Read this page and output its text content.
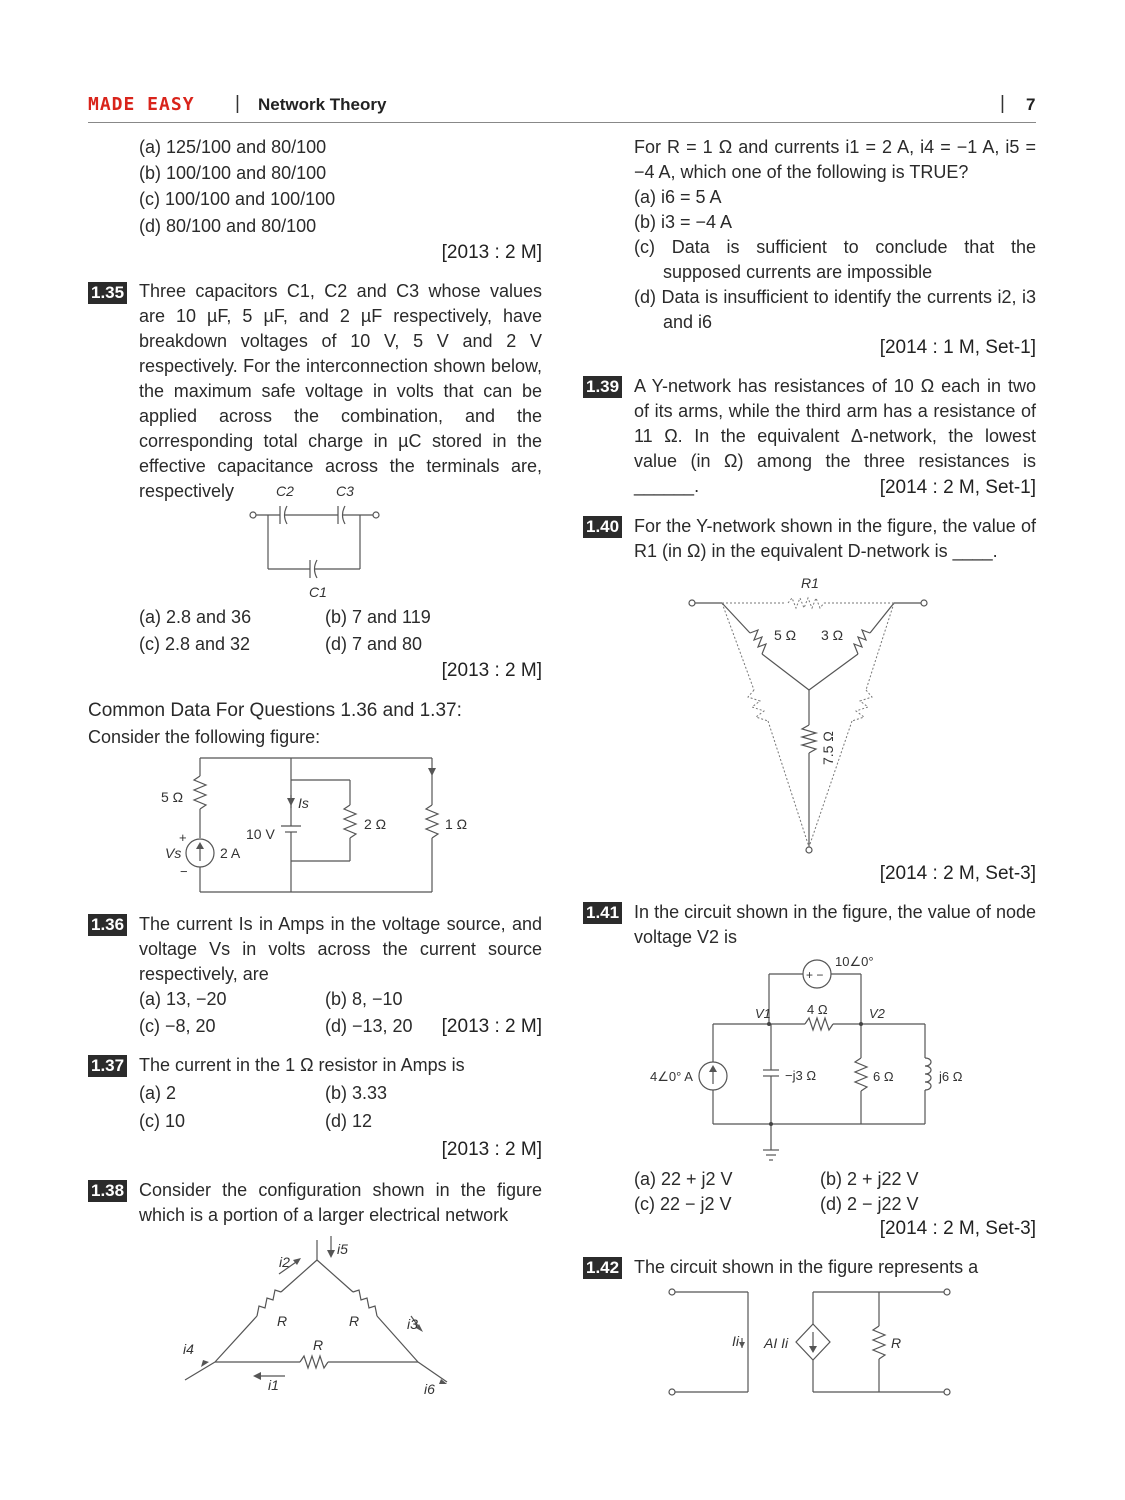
MADE EASY | Network Theory	| 7
(a) 125/100 and 80/100
(b) 100/100 and 80/100
(c) 100/100 and 100/100
(d) 80/100 and 80/100
[2013 : 2 M]
1.35 Three capacitors C1, C2 and C3 whose values are 10 µF, 5 µF, and 2 µF respectively, have breakdown voltages of 10 V, 5 V and 2 V respectively. For the interconnection shown below, the maximum safe voltage in volts that can be applied across the combination, and the corresponding total charge in µC stored in the effective capacitance across the terminals are, respectively	C2	C3
C1
(a) 2.8 and 36	(b) 7 and 119
(c) 2.8 and 32	(d) 7 and 80
[2013 : 2 M]
Common Data For Questions 1.36 and 1.37:
Consider the following figure:
5 Ω
10 V
Is
2 Ω	1 Ω
+
Vs	2 A
−
1.36 The current Is in Amps in the voltage source, and voltage Vs in volts across the current source respectively, are
(a) 13, −20	(b) 8, −10
(c) −8, 20	(d) −13, 20	[2013 : 2 M]
1.37 The current in the 1 Ω resistor in Amps is
(a) 2	(b) 3.33
(c) 10	(d) 12
[2013 : 2 M]
1.38 Consider the configuration shown in the figure which is a portion of a larger electrical network
i5
i2
i3
i4
i1	i6
R	R
R
For R = 1 Ω and currents i1 = 2 A, i4 = −1 A, i5 = −4 A, which one of the following is TRUE?
(a) i6 = 5 A
(b) i3 = −4 A
(c) Data is sufficient to conclude that the supposed currents are impossible
(d) Data is insufficient to identify the currents i2, i3 and i6
[2014 : 1 M, Set-1]
1.39 A Y-network has resistances of 10 Ω each in two of its arms, while the third arm has a resistance of 11 Ω. In the equivalent Δ-network, the lowest value (in Ω) among the three resistances is ______.	[2014 : 2 M, Set-1]
1.40 For the Y-network shown in the figure, the value of R1 (in Ω) in the equivalent D-network is ____.
R1
5 Ω 3 Ω
7.5 Ω
[2014 : 2 M, Set-3]
1.41 In the circuit shown in the figure, the value of node voltage V2 is
+ −
10∠0°
V1	V2
4 Ω
4∠0° A	−j3 Ω	6 Ω	j6 Ω
(a) 22 + j2 V	(b) 2 + j22 V
(c) 22 − j2 V	(d) 2 − j22 V
[2014 : 2 M, Set-3]
1.42 The circuit shown in the figure represents a
Ii AI Ii	R
